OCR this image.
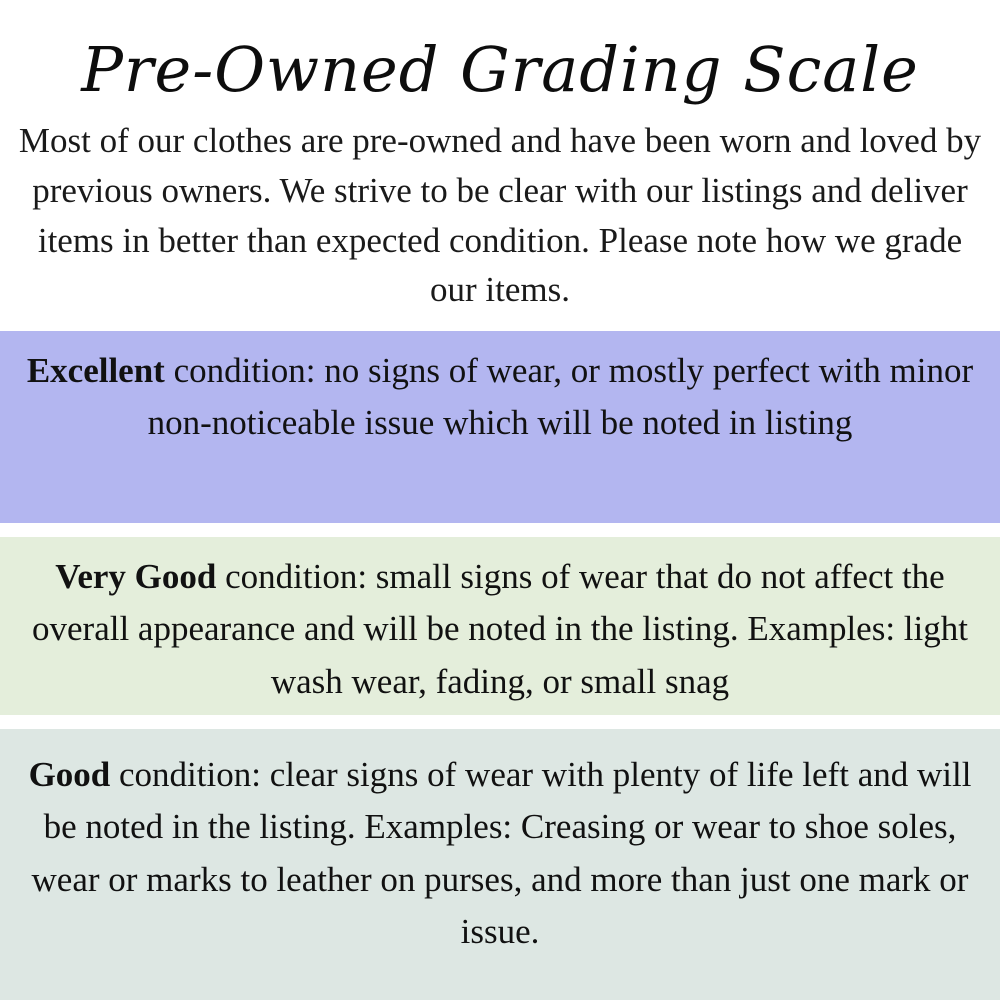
Pre-Owned Grading Scale
Most of our clothes are pre-owned and have been worn and loved by previous owners. We strive to be clear with our listings and deliver items in better than expected condition. Please note how we grade our items.
Excellent condition: no signs of wear, or mostly perfect with minor non-noticeable issue which will be noted in listing
Very Good condition: small signs of wear that do not affect the overall appearance and will be noted in the listing. Examples: light wash wear, fading, or small snag
Good condition: clear signs of wear with plenty of life left and will be noted in the listing. Examples: Creasing or wear to shoe soles, wear or marks to leather on purses, and more than just one mark or issue.
